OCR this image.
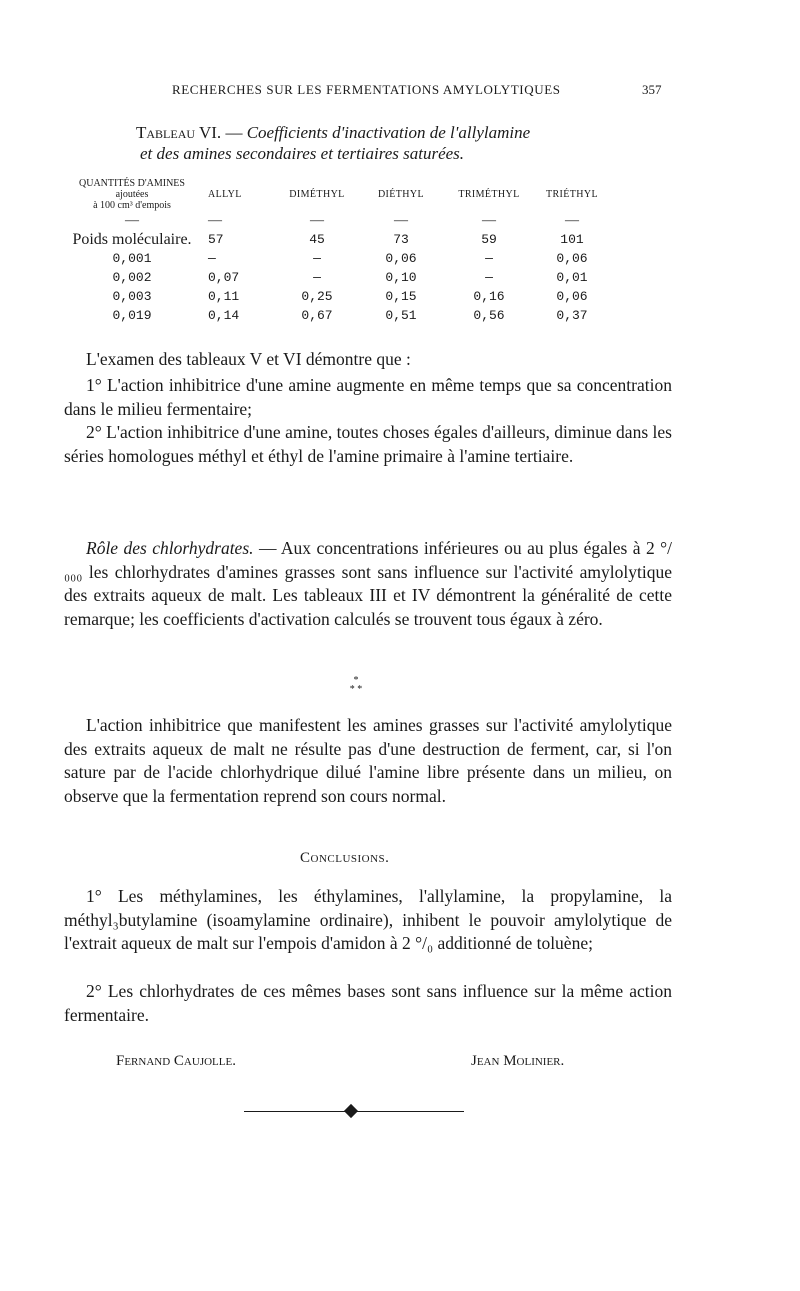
RECHERCHES SUR LES FERMENTATIONS AMYLOLYTIQUES	357
Tableau VI. — Coefficients d'inactivation de l'allylamine
et des amines secondaires et tertiaires saturées.
QUANTITÉS D'AMINES
ajoutées
à 100 cm³ d'empois	ALLYL	DIMÉTHYL	DIÉTHYL	TRIMÉTHYL	TRIÉTHYL
—	—	—	—	—	—
Poids moléculaire.	57	45	73	59	101
0,001	—	—	0,06	—	0,06
0,002	0,07	—	0,10	—	0,01
0,003	0,11	0,25	0,15	0,16	0,06
0,019	0,14	0,67	0,51	0,56	0,37
L'examen des tableaux V et VI démontre que :
1° L'action inhibitrice d'une amine augmente en même temps que sa concentration dans le milieu fermentaire;
2° L'action inhibitrice d'une amine, toutes choses égales d'ailleurs, diminue dans les séries homologues méthyl et éthyl de l'amine primaire à l'amine tertiaire.
Rôle des chlorhydrates. — Aux concentrations inférieures ou au plus égales à 2 °/₀₀₀ les chlorhydrates d'amines grasses sont sans influence sur l'activité amylolytique des extraits aqueux de malt. Les tableaux III et IV démontrent la généralité de cette remarque; les coefficients d'activation calculés se trouvent tous égaux à zéro.
*
* *
L'action inhibitrice que manifestent les amines grasses sur l'activité amylolytique des extraits aqueux de malt ne résulte pas d'une destruction de ferment, car, si l'on sature par de l'acide chlorhydrique dilué l'amine libre présente dans un milieu, on observe que la fermentation reprend son cours normal.
Conclusions.
1° Les méthylamines, les éthylamines, l'allylamine, la propylamine, la méthyl₃butylamine (isoamylamine ordinaire), inhibent le pouvoir amylolytique de l'extrait aqueux de malt sur l'empois d'amidon à 2 °/₀ additionné de toluène;
2° Les chlorhydrates de ces mêmes bases sont sans influence sur la même action fermentaire.
Fernand Caujolle.	Jean Molinier.
